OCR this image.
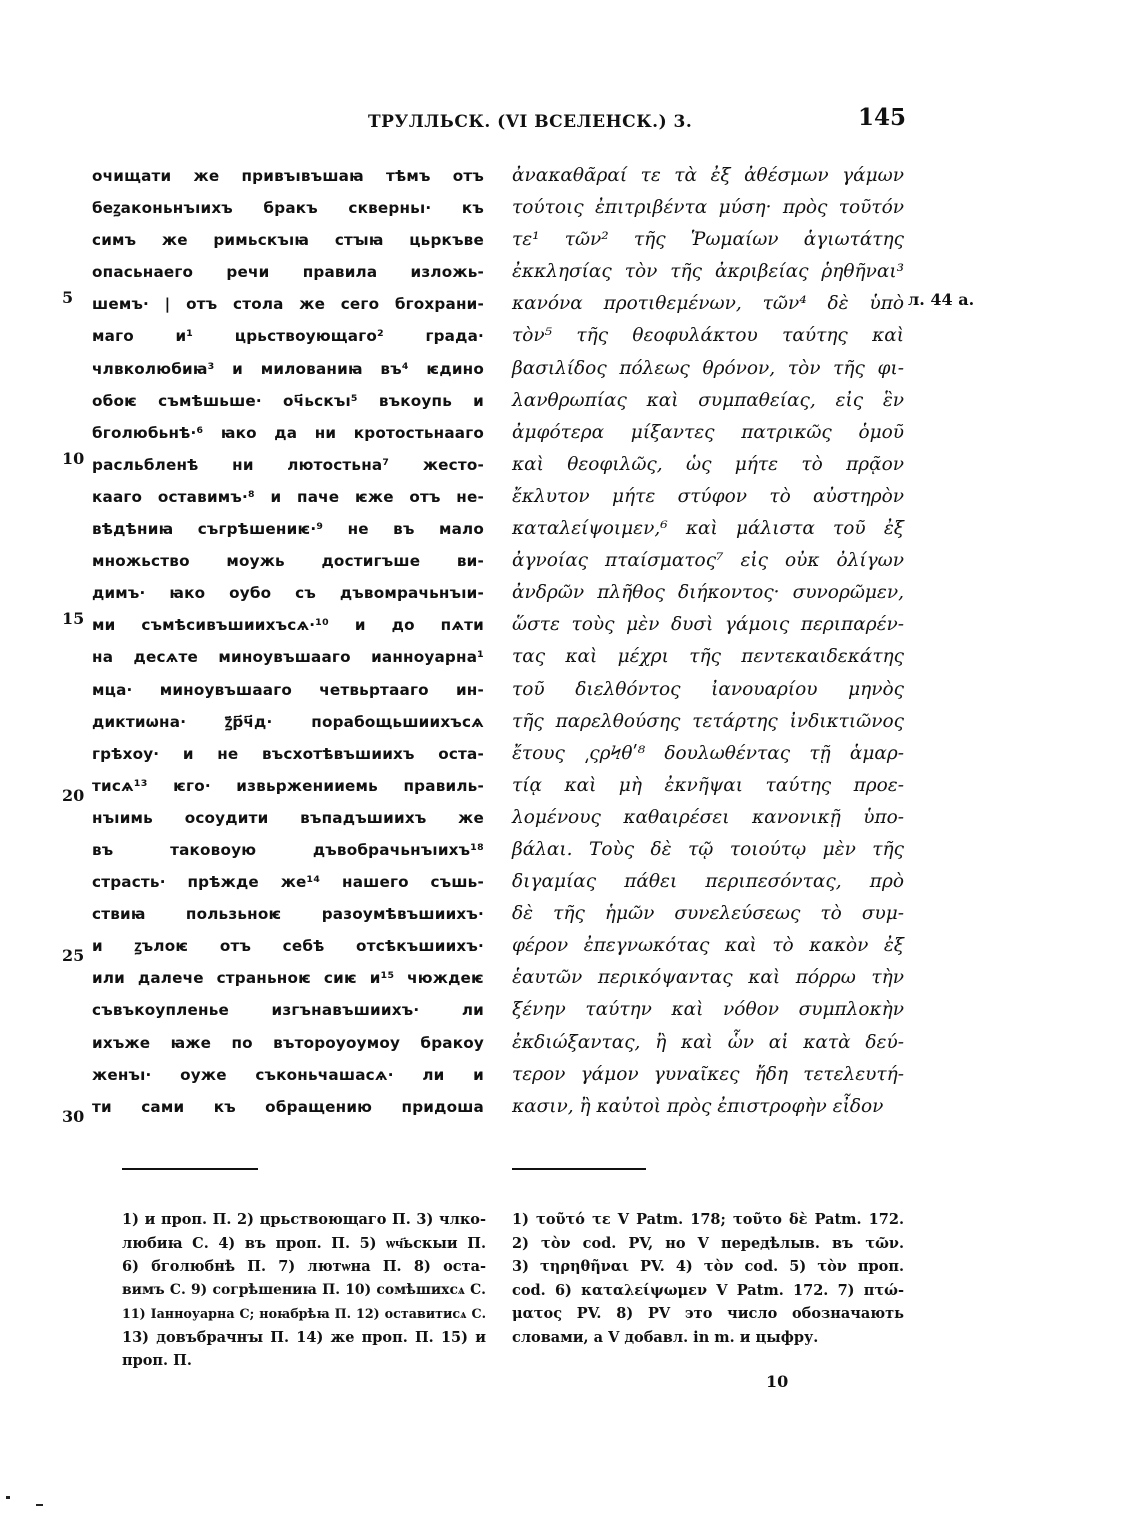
ТРУЛЛЬСК. (VI ВСЕЛЕНСК.) 3.	145
5
10
15
20
25
30
л. 44 а.
очищати же привъıвъшаꙗ тѣмъ отъ
беꙁаконьнъıихъ бракъ скверньı· къ
симъ же римьскъıꙗ стꙑꙗ цьркъве
опасьнаего речи правила изложь-
шемъ· | отъ стола же сего бгохрани-
маго и¹ црьствоующаго² града·
члвколюбиꙗ³ и милованиꙗ въ⁴ ѥдино
обоѥ съмѣшьше· оч҃ьскъı⁵ въкоупь и
бголюбьнѣ·⁶ ꙗко да ни кротостьнааго
расльбленѣ ни лютостьна⁷ жесто-
кааго оставимъ·⁸ и паче ѥже отъ не-
вѣдѣниꙗ съгрѣшениѥ·⁹ не въ мало
множьство моужь достигъше ви-
димъ· ꙗко оубо съ дъвомрачьнъıи-
ми съмѣсивъшиихъсѧ·¹⁰ и до пѧти
на десѧте миноувъшааго ианноуарна¹
мца· миноувъшааго четвьртааго ин-
диктиѡна· ꙁ҃р҃ч҃д· порабощьшиихъсѧ
грѣхоу· и не въсхотѣвъшиихъ оста-
тисѧ¹³ ѥго· извьрженииемь правиль-
нъıимь осоудити въпадъшиихъ же
въ таковоую дъвобрачьнъıихъ¹⁸
страсть· прѣжде же¹⁴ нашего съшь-
ствиꙗ пользьноѥ разоумѣвъшиихъ·
и ꙁълоѥ отъ себѣ отсѣкъшиихъ·
или далече страньноѥ сиѥ и¹⁵ чюждеѥ
съвъкоупленье изгънавъшиихъ· ли
ихъже ꙗже по вътороуоумоу бракоу
женъı· оуже съконьчашасѧ· ли и
ти сами къ обращению придоша
ἀνακαθᾶραί τε τὰ ἐξ ἀθέσμων γάμων
τούτοις ἐπιτριβέντα μύση· πρὸς τοῦτόν
τε¹ τῶν² τῆς Ῥωμαίων ἁγιωτάτης
ἐκκλησίας τὸν τῆς ἀκριβείας ῥηθῆναι³
κανόνα προτιθεμένων, τῶν⁴ δὲ ὑπὸ
τὸν⁵ τῆς θεοφυλάκτου ταύτης καὶ
βασιλίδος πόλεως θρόνον, τὸν τῆς φι-
λανθρωπίας καὶ συμπαθείας, εἰς ἓν
ἀμφότερα μίξαντες πατρικῶς ὁμοῦ
καὶ θεοφιλῶς, ὡς μήτε τὸ πρᾷον
ἔκλυτον μήτε στύφον τὸ αὐστηρὸν
καταλείψοιμεν,⁶ καὶ μάλιστα τοῦ ἐξ
ἀγνοίας πταίσματος⁷ εἰς οὐκ ὀλίγων
ἀνδρῶν πλῆθος διήκοντος· συνορῶμεν,
ὥστε τοὺς μὲν δυσὶ γάμοις περιπαρέν-
τας καὶ μέχρι τῆς πεντεκαιδεκάτης
τοῦ διελθόντος ἰανουαρίου μηνὸς
τῆς παρελθούσης τετάρτης ἰνδικτιῶνος
ἔτους ͵ςρϞθʹ⁸ δουλωθέντας τῇ ἁμαρ-
τίᾳ καὶ μὴ ἐκνῆψαι ταύτης προε-
λομένους καθαιρέσει κανονικῇ ὑπο-
βάλαι. Τοὺς δὲ τῷ τοιούτῳ μὲν τῆς
διγαμίας πάθει περιπεσόντας, πρὸ
δὲ τῆς ἡμῶν συνελεύσεως τὸ συμ-
φέρον ἐπεγνωκότας καὶ τὸ κακὸν ἐξ
ἑαυτῶν περικόψαντας καὶ πόρρω τὴν
ξένην ταύτην καὶ νόθον συμπλοκὴν
ἐκδιώξαντας, ἢ καὶ ὧν αἱ κατὰ δεύ-
τερον γάμον γυναῖκες ἤδη τετελευτή-
κασιν, ἢ καὐτοὶ πρὸς ἐπιστροφὴν εἶδον
1) и проп. П. 2) црьствоющаго П. 3) члко-
любиꙗ С. 4) въ проп. П. 5) ѡч҃ьскыи П.
6) бголюбнѣ П. 7) лютѡна П. 8) оста-
вимъ С. 9) согрѣшениꙗ П. 10) сомѣшихсѧ С.
11) Іанноуарна С; ноꙗбрѣꙗ П. 12) оставитисѧ С.
13) довъбрачнꙑ П. 14) же проп. П. 15) и
проп. П.
1) τοῦτό τε V Patm. 178; τοῦτο δὲ Patm. 172.
2) τὸν cod. PV, но V передѣлыв. въ τῶν.
3) τηρηθῆναι PV. 4) τὸν cod. 5) τὸν проп.
cod. 6) καταλείψωμεν V Patm. 172. 7) πτώ-
ματος PV. 8) PV это число обозначають
словами, а V добавл. in m. и цыфру.
10
